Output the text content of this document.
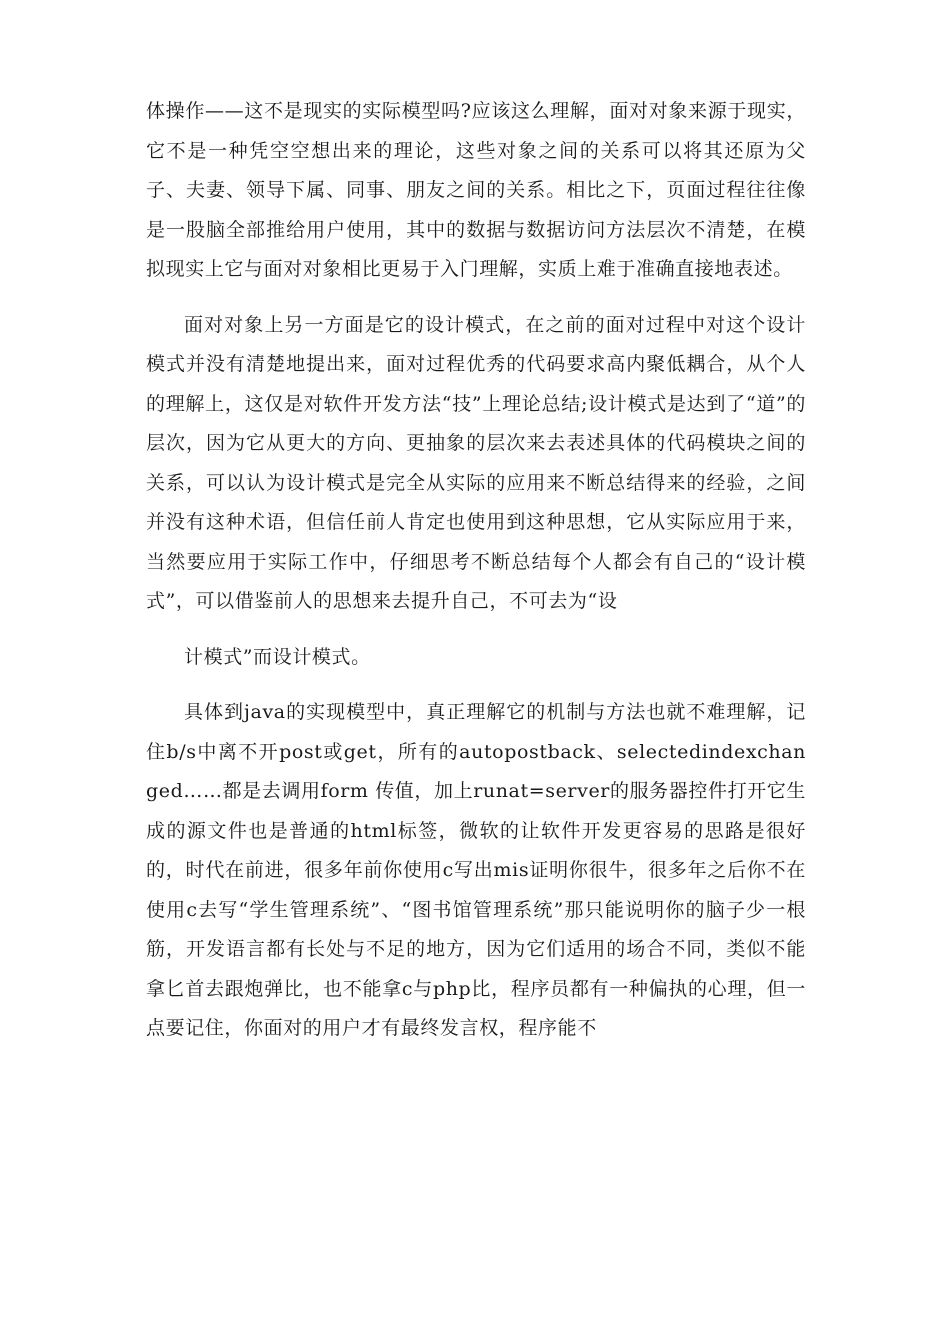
体操作——这不是现实的实际模型吗?应该这么理解，面对对象来源于现实，它不是一种凭空空想出来的理论，这些对象之间的关系可以将其还原为父子、夫妻、领导下属、同事、朋友之间的关系。相比之下，页面过程往往像是一股脑全部推给用户使用，其中的数据与数据访问方法层次不清楚，在模拟现实上它与面对对象相比更易于入门理解，实质上难于准确直接地表述。

面对对象上另一方面是它的设计模式，在之前的面对过程中对这个设计模式并没有清楚地提出来，面对过程优秀的代码要求高内聚低耦合，从个人的理解上，这仅是对软件开发方法“技”上理论总结;设计模式是达到了“道”的层次，因为它从更大的方向、更抽象的层次来去表述具体的代码模块之间的关系，可以认为设计模式是完全从实际的应用来不断总结得来的经验，之间并没有这种术语，但信任前人肯定也使用到这种思想，它从实际应用于来，当然要应用于实际工作中，仔细思考不断总结每个人都会有自己的“设计模式”，可以借鉴前人的思想来去提升自己，不可去为“设

计模式”而设计模式。

具体到java的实现模型中，真正理解它的机制与方法也就不难理解，记住b/s中离不开post或get，所有的autopostback、selectedindexchanged……都是去调用form 传值，加上runat=server的服务器控件打开它生成的源文件也是普通的html标签，微软的让软件开发更容易的思路是很好的，时代在前进，很多年前你使用c写出mis证明你很牛，很多年之后你不在使用c去写“学生管理系统”、“图书馆管理系统”那只能说明你的脑子少一根筋，开发语言都有长处与不足的地方，因为它们适用的场合不同，类似不能拿匕首去跟炮弹比，也不能拿c与php比，程序员都有一种偏执的心理，但一点要记住，你面对的用户才有最终发言权，程序能不
